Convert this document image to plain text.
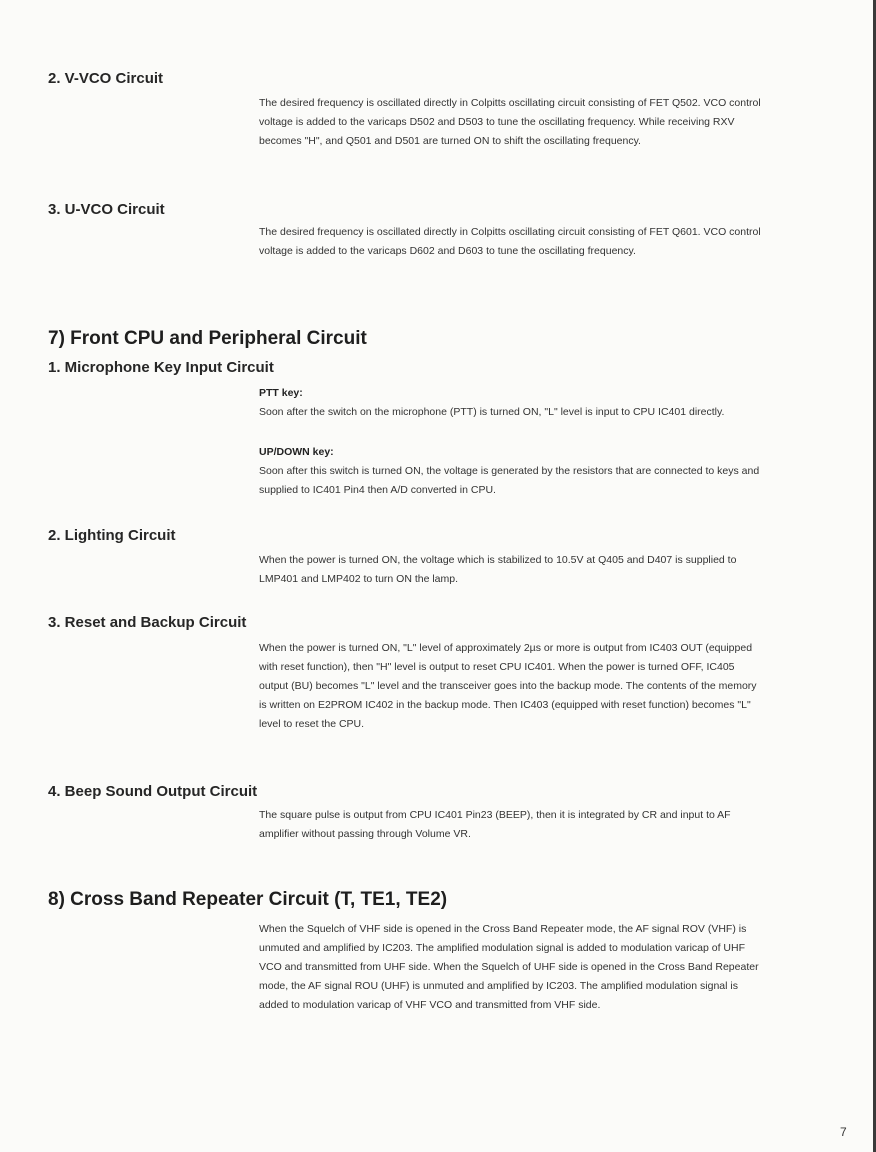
2. V-VCO Circuit

The desired frequency is oscillated directly in Colpitts oscillating circuit consisting of FET Q502. VCO control voltage is added to the varicaps D502 and D503 to tune the oscillating frequency. While receiving RXV becomes "H", and Q501 and D501 are turned ON to shift the oscillating frequency.

3. U-VCO Circuit

The desired frequency is oscillated directly in Colpitts oscillating circuit consisting of FET Q601. VCO control voltage is added to the varicaps D602 and D603 to tune the oscillating frequency.

7) Front CPU and Peripheral Circuit
1. Microphone Key Input Circuit
PTT key:

Soon after the switch on the microphone (PTT) is turned ON, "L" level is input to CPU IC401 directly.

UP/DOWN key:

Soon after this switch is turned ON, the voltage is generated by the resistors that are connected to keys and supplied to IC401 Pin4 then A/D converted in CPU.

2. Lighting Circuit

When the power is turned ON, the voltage which is stabilized to 10.5V at Q405 and D407 is supplied to LMP401 and LMP402 to turn ON the lamp.

3. Reset and Backup Circuit

When the power is turned ON, "L" level of approximately 2µs or more is output from IC403 OUT (equipped with reset function), then "H" level is output to reset CPU IC401. When the power is turned OFF, IC405 output (BU) becomes "L" level and the transceiver goes into the backup mode. The contents of the memory is written on E2PROM IC402 in the backup mode. Then IC403 (equipped with reset function) becomes "L" level to reset the CPU.

4. Beep Sound Output Circuit

The square pulse is output from CPU IC401 Pin23 (BEEP), then it is integrated by CR and input to AF amplifier without passing through Volume VR.

8) Cross Band Repeater Circuit (T, TE1, TE2)

When the Squelch of VHF side is opened in the Cross Band Repeater mode, the AF signal ROV (VHF) is unmuted and amplified by IC203. The amplified modulation signal is added to modulation varicap of UHF VCO and transmitted from UHF side. When the Squelch of UHF side is opened in the Cross Band Repeater mode, the AF signal ROU (UHF) is unmuted and amplified by IC203. The amplified modulation signal is added to modulation varicap of VHF VCO and transmitted from VHF side.

7
